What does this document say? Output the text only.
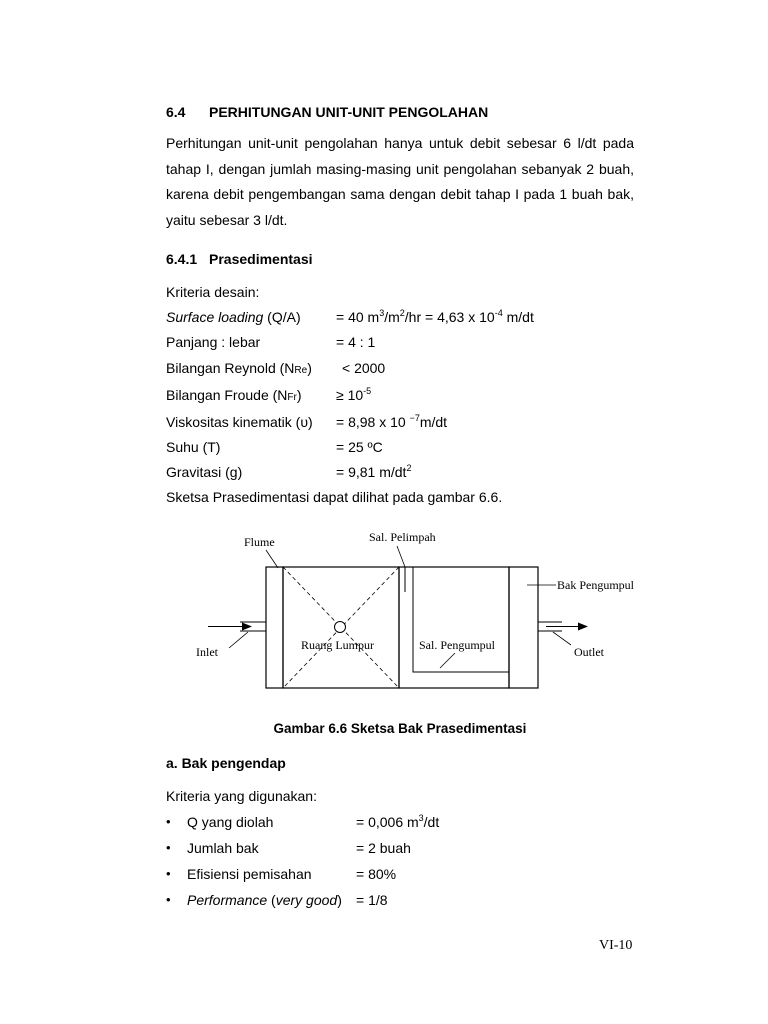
6.4 PERHITUNGAN UNIT-UNIT PENGOLAHAN
Perhitungan unit-unit pengolahan hanya untuk debit sebesar 6 l/dt pada
tahap I, dengan jumlah masing-masing unit pengolahan sebanyak 2 buah,
karena debit pengembangan sama dengan debit tahap I pada 1 buah bak,
yaitu sebesar 3 l/dt.
6.4.1 Prasedimentasi
Kriteria desain:
Surface loading (Q/A)	= 40 $m^3/m^2/hr = 4,63$ x $10^{-4}$ m/dt
Panjang : lebar	= 4 : 1
Bilangan Reynold (NRe) < 2000
Bilangan Froude $(NFr) \ge 10^{-5}$
Viskositas kinematik (υ) = 8,98 x 10 $^{-7}$m/dt
Suhu (T)	= 25 ºC
Gravitasi (g)	= 9,81 $m/dt^2$
Sketsa Prasedimentasi dapat dilihat pada gambar 6.6.
Flume	Sal. Pelimpah
Bak Pengumpul
Inlet	Ruang Lumpur	Sal. Pengumpul	Outlet
Gambar 6.6 Sketsa Bak Prasedimentasi
a. Bak pengendap
Kriteria yang digunakan:
• Q yang diolah	= 0,006 $m^3/dt$
• Jumlah bak	= 2 buah
• Efisiensi pemisahan	= 80%
• Performance (very good) = 1/8
VI-10
